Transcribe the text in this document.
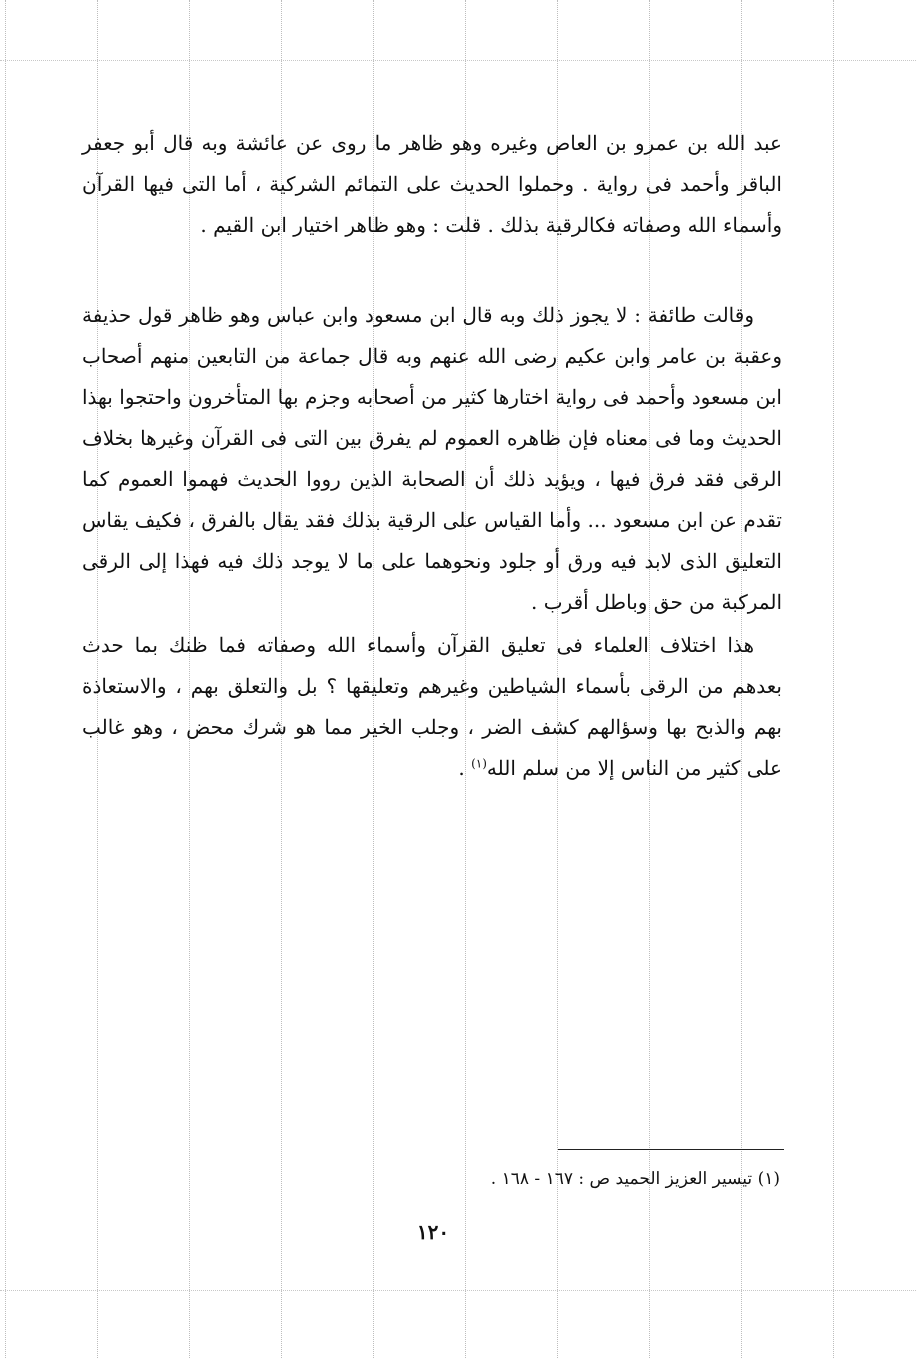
عبد الله بن عمرو بن العاص وغيره وهو ظاهر ما روى عن عائشة وبه قال أبو جعفر الباقر وأحمد فى رواية . وحملوا الحديث على التمائم الشركية ، أما التى فيها القرآن وأسماء الله وصفاته فكالرقية بذلك . قلت : وهو ظاهر اختيار ابن القيم .

وقالت طائفة : لا يجوز ذلك وبه قال ابن مسعود وابن عباس وهو ظاهر قول حذيفة وعقبة بن عامر وابن عكيم رضى الله عنهم وبه قال جماعة من التابعين منهم أصحاب ابن مسعود وأحمد فى رواية اختارها كثير من أصحابه وجزم بها المتأخرون واحتجوا بهذا الحديث وما فى معناه فإن ظاهره العموم لم يفرق بين التى فى القرآن وغيرها بخلاف الرقى فقد فرق فيها ، ويؤيد ذلك أن الصحابة الذين رووا الحديث فهموا العموم كما تقدم عن ابن مسعود ... وأما القياس على الرقية بذلك فقد يقال بالفرق ، فكيف يقاس التعليق الذى لابد فيه ورق أو جلود ونحوهما على ما لا يوجد ذلك فيه فهذا إلى الرقى المركبة من حق وباطل أقرب .

هذا اختلاف العلماء فى تعليق القرآن وأسماء الله وصفاته فما ظنك بما حدث بعدهم من الرقى بأسماء الشياطين وغيرهم وتعليقها ؟ بل والتعلق بهم ، والاستعاذة بهم والذبح بها وسؤالهم كشف الضر ، وجلب الخير مما هو شرك محض ، وهو غالب على كثير من الناس إلا من سلم الله$^{(١)}$ .

(١) تيسير العزيز الحميد ص : ١٦٧ - ١٦٨ .
١٢٠
